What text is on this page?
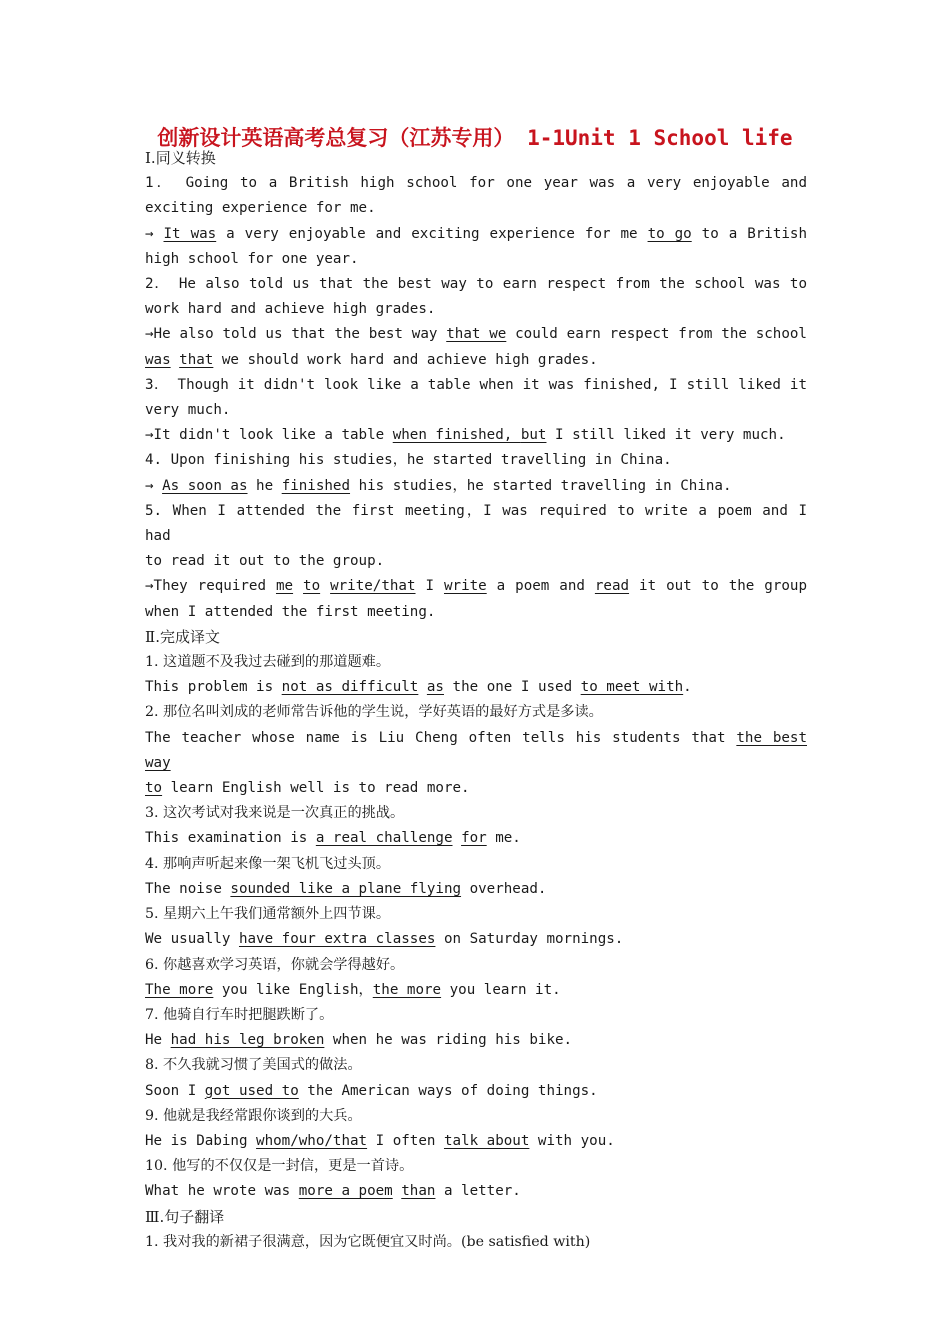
创新设计英语高考总复习（江苏专用） 1-1Unit 1 School life
Ⅰ.同义转换
1． Going to a British high school for one year was a very enjoyable and
exciting experience for me.
→ It was a very enjoyable and exciting experience for me to go to a British
high school for one year.
2． He also told us that the best way to earn respect from the school was to
work hard and achieve high grades.
→He also told us that the best way that we could earn respect from the school
was that we should work hard and achieve high grades.
3． Though it didn't look like a table when it was finished, I still liked it
very much.
→It didn't look like a table when finished, but I still liked it very much.
4. Upon finishing his studies，he started travelling in China.
→ As soon as he finished his studies，he started travelling in China.
5. When I attended the first meeting，I was required to write a poem and I had
to read it out to the group.
→They required me to write/that I write a poem and read it out to the group
when I attended the first meeting.
Ⅱ.完成译文
1. 这道题不及我过去碰到的那道题难。
This problem is not as difficult as the one I used to meet with.
2. 那位名叫刘成的老师常告诉他的学生说，学好英语的最好方式是多读。
The teacher whose name is Liu Cheng often tells his students that the best way
to learn English well is to read more.
3. 这次考试对我来说是一次真正的挑战。
This examination is a real challenge for me.
4. 那响声听起来像一架飞机飞过头顶。
The noise sounded like a plane flying overhead.
5. 星期六上午我们通常额外上四节课。
We usually have four extra classes on Saturday mornings.
6. 你越喜欢学习英语，你就会学得越好。
The more you like English，the more you learn it.
7. 他骑自行车时把腿跌断了。
He had his leg broken when he was riding his bike.
8. 不久我就习惯了美国式的做法。
Soon I got used to the American ways of doing things.
9. 他就是我经常跟你谈到的大兵。
He is Dabing whom/who/that I often talk about with you.
10. 他写的不仅仅是一封信，更是一首诗。
What he wrote was more a poem than a letter.
Ⅲ.句子翻译
1. 我对我的新裙子很满意，因为它既便宜又时尚。(be satisfied with)
